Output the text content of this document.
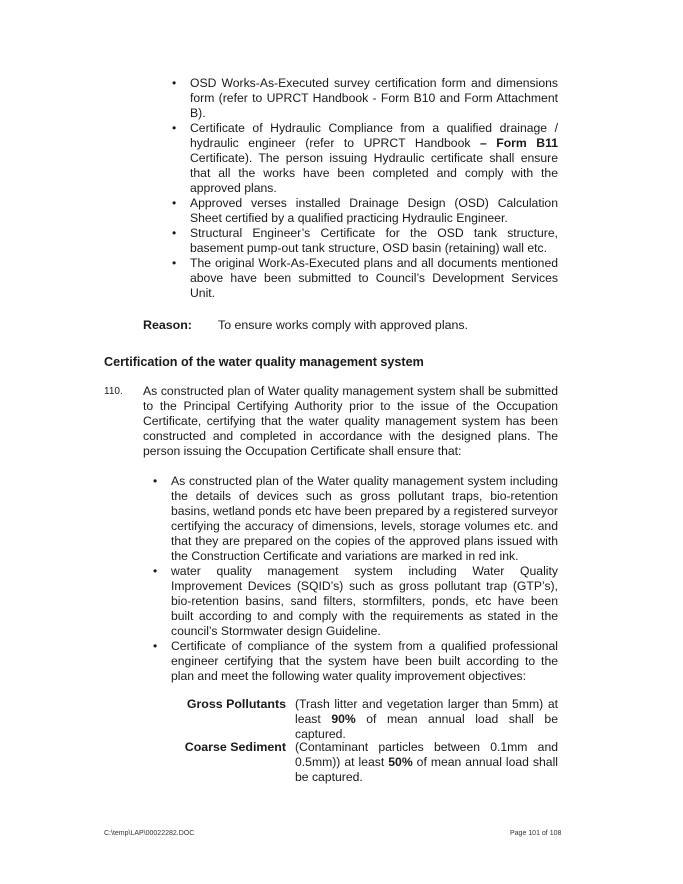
• OSD Works-As-Executed survey certification form and dimensions form (refer to UPRCT Handbook - Form B10 and Form Attachment B).

• Certificate of Hydraulic Compliance from a qualified drainage / hydraulic engineer (refer to UPRCT Handbook – Form B11 Certificate). The person issuing Hydraulic certificate shall ensure that all the works have been completed and comply with the approved plans.

• Approved verses installed Drainage Design (OSD) Calculation Sheet certified by a qualified practicing Hydraulic Engineer.

• Structural Engineer’s Certificate for the OSD tank structure, basement pump-out tank structure, OSD basin (retaining) wall etc.

• The original Work-As-Executed plans and all documents mentioned above have been submitted to Council’s Development Services Unit.

Reason: To ensure works comply with approved plans.
Certification of the water quality management system
110. As constructed plan of Water quality management system shall be submitted to the Principal Certifying Authority prior to the issue of the Occupation Certificate, certifying that the water quality management system has been constructed and completed in accordance with the designed plans. The person issuing the Occupation Certificate shall ensure that:

• As constructed plan of the Water quality management system including the details of devices such as gross pollutant traps, bio-retention basins, wetland ponds etc have been prepared by a registered surveyor certifying the accuracy of dimensions, levels, storage volumes etc. and that they are prepared on the copies of the approved plans issued with the Construction Certificate and variations are marked in red ink.

• water quality management system including Water Quality Improvement Devices (SQID’s) such as gross pollutant trap (GTP’s), bio-retention basins, sand filters, stormfilters, ponds, etc have been built according to and comply with the requirements as stated in the council’s Stormwater design Guideline.

• Certificate of compliance of the system from a qualified professional engineer certifying that the system have been built according to the plan and meet the following water quality improvement objectives:

Gross Pollutants (Trash litter and vegetation larger than 5mm) at least 90% of mean annual load shall be captured.
Coarse Sediment (Contaminant particles between 0.1mm and 0.5mm)) at least 50% of mean annual load shall be captured.
C:\temp\LAP\00022282.DOC	Page 101 of 108
